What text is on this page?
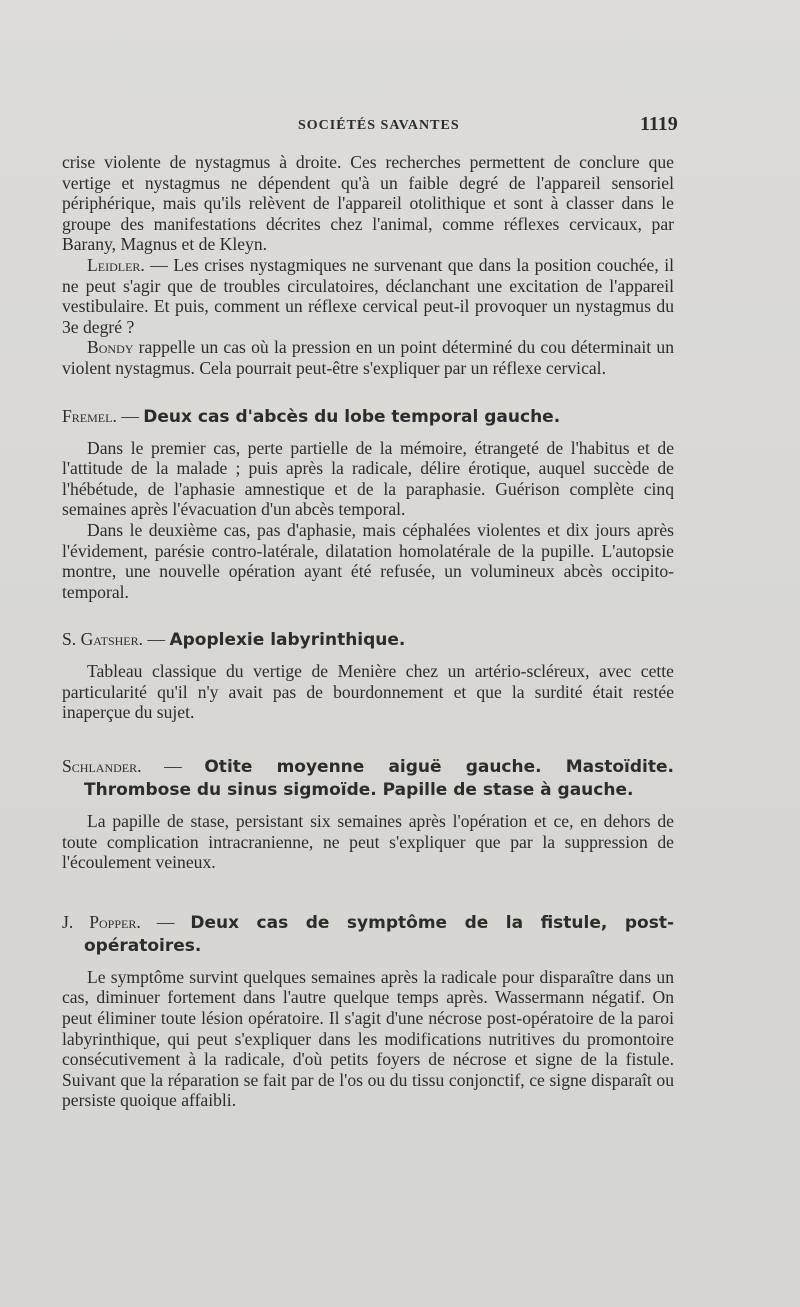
SOCIÉTÉS SAVANTES	1119

crise violente de nystagmus à droite. Ces recherches permettent de conclure que vertige et nystagmus ne dépendent qu'à un faible degré de l'appareil sensoriel périphérique, mais qu'ils relèvent de l'appareil otolithique et sont à classer dans le groupe des manifestations décrites chez l'animal, comme réflexes cervicaux, par Barany, Magnus et de Kleyn.

Leidler. — Les crises nystagmiques ne survenant que dans la position couchée, il ne peut s'agir que de troubles circulatoires, déclanchant une excitation de l'appareil vestibulaire. Et puis, comment un réflexe cervical peut-il provoquer un nystagmus du 3e degré ?

Bondy rappelle un cas où la pression en un point déterminé du cou déterminait un violent nystagmus. Cela pourrait peut-être s'expliquer par un réflexe cervical.

Fremel. — Deux cas d'abcès du lobe temporal gauche.

Dans le premier cas, perte partielle de la mémoire, étrangeté de l'habitus et de l'attitude de la malade ; puis après la radicale, délire érotique, auquel succède de l'hébétude, de l'aphasie amnestique et de la paraphasie. Guérison complète cinq semaines après l'évacuation d'un abcès temporal.

Dans le deuxième cas, pas d'aphasie, mais céphalées violentes et dix jours après l'évidement, parésie contro-latérale, dilatation homolatérale de la pupille. L'autopsie montre, une nouvelle opération ayant été refusée, un volumineux abcès occipito-temporal.

S. Gatsher. — Apoplexie labyrinthique.

Tableau classique du vertige de Menière chez un artério-scléreux, avec cette particularité qu'il n'y avait pas de bourdonnement et que la surdité était restée inaperçue du sujet.

Schlander. — Otite moyenne aiguë gauche. Mastoïdite. Thrombose du sinus sigmoïde. Papille de stase à gauche.

La papille de stase, persistant six semaines après l'opération et ce, en dehors de toute complication intracranienne, ne peut s'expliquer que par la suppression de l'écoulement veineux.

J. Popper. — Deux cas de symptôme de la fistule, post-opératoires.

Le symptôme survint quelques semaines après la radicale pour disparaître dans un cas, diminuer fortement dans l'autre quelque temps après. Wassermann négatif. On peut éliminer toute lésion opératoire. Il s'agit d'une nécrose post-opératoire de la paroi labyrinthique, qui peut s'expliquer dans les modifications nutritives du promontoire consécutivement à la radicale, d'où petits foyers de nécrose et signe de la fistule. Suivant que la réparation se fait par de l'os ou du tissu conjonctif, ce signe disparaît ou persiste quoique affaibli.
